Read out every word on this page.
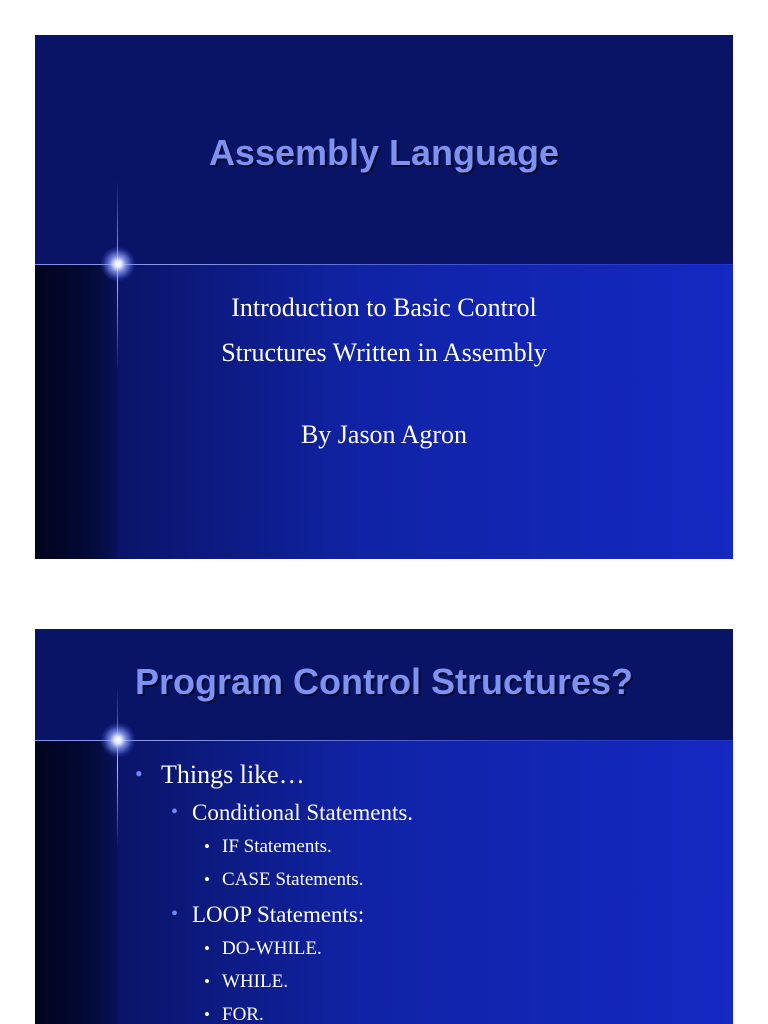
Assembly Language
Introduction to Basic Control
Structures Written in Assembly
By Jason Agron
Program Control Structures?
• Things like…
• Conditional Statements.
• IF Statements.
• CASE Statements.
• LOOP Statements:
• DO-WHILE.
• WHILE.
• FOR.
